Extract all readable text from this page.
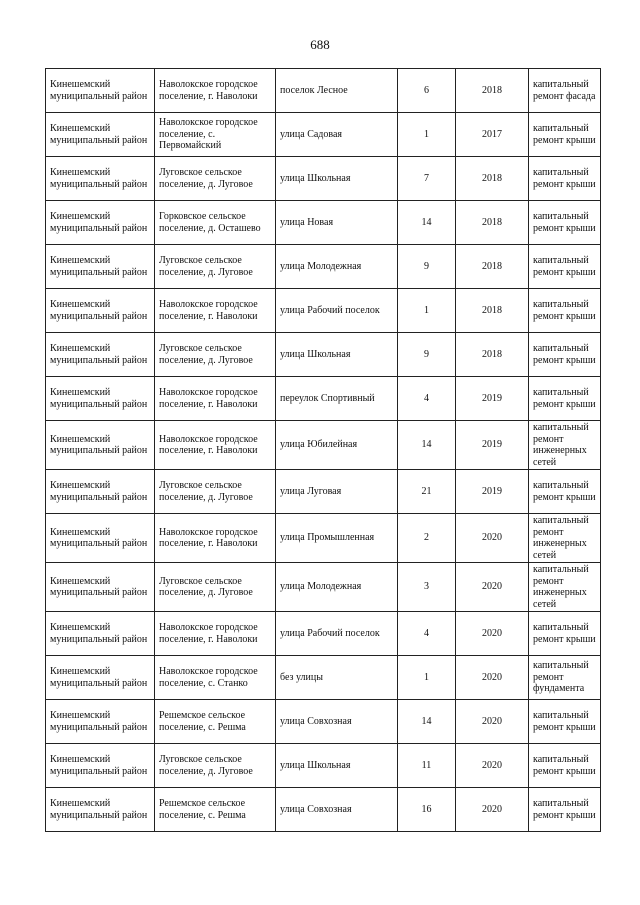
688
Кинешемский муниципальный район	Наволокское городское поселение, г. Наволоки	поселок Лесное	6	2018	капитальный ремонт фасада
Кинешемский муниципальный район	Наволокское городское поселение, с. Первомайский	улица Садовая	1	2017	капитальный ремонт крыши
Кинешемский муниципальный район	Луговское сельское поселение, д. Луговое	улица Школьная	7	2018	капитальный ремонт крыши
Кинешемский муниципальный район	Горковское сельское поселение, д. Осташево	улица Новая	14	2018	капитальный ремонт крыши
Кинешемский муниципальный район	Луговское сельское поселение, д. Луговое	улица Молодежная	9	2018	капитальный ремонт крыши
Кинешемский муниципальный район	Наволокское городское поселение, г. Наволоки	улица Рабочий поселок	1	2018	капитальный ремонт крыши
Кинешемский муниципальный район	Луговское сельское поселение, д. Луговое	улица Школьная	9	2018	капитальный ремонт крыши
Кинешемский муниципальный район	Наволокское городское поселение, г. Наволоки	переулок Спортивный	4	2019	капитальный ремонт крыши
Кинешемский муниципальный район	Наволокское городское поселение, г. Наволоки	улица Юбилейная	14	2019	капитальный ремонт инженерных сетей
Кинешемский муниципальный район	Луговское сельское поселение, д. Луговое	улица Луговая	21	2019	капитальный ремонт крыши
Кинешемский муниципальный район	Наволокское городское поселение, г. Наволоки	улица Промышленная	2	2020	капитальный ремонт инженерных сетей
Кинешемский муниципальный район	Луговское сельское поселение, д. Луговое	улица Молодежная	3	2020	капитальный ремонт инженерных сетей
Кинешемский муниципальный район	Наволокское городское поселение, г. Наволоки	улица Рабочий поселок	4	2020	капитальный ремонт крыши
Кинешемский муниципальный район	Наволокское городское поселение, с. Станко	без улицы	1	2020	капитальный ремонт фундамента
Кинешемский муниципальный район	Решемское сельское поселение, с. Решма	улица Совхозная	14	2020	капитальный ремонт крыши
Кинешемский муниципальный район	Луговское сельское поселение, д. Луговое	улица Школьная	11	2020	капитальный ремонт крыши
Кинешемский муниципальный район	Решемское сельское поселение, с. Решма	улица Совхозная	16	2020	капитальный ремонт крыши
